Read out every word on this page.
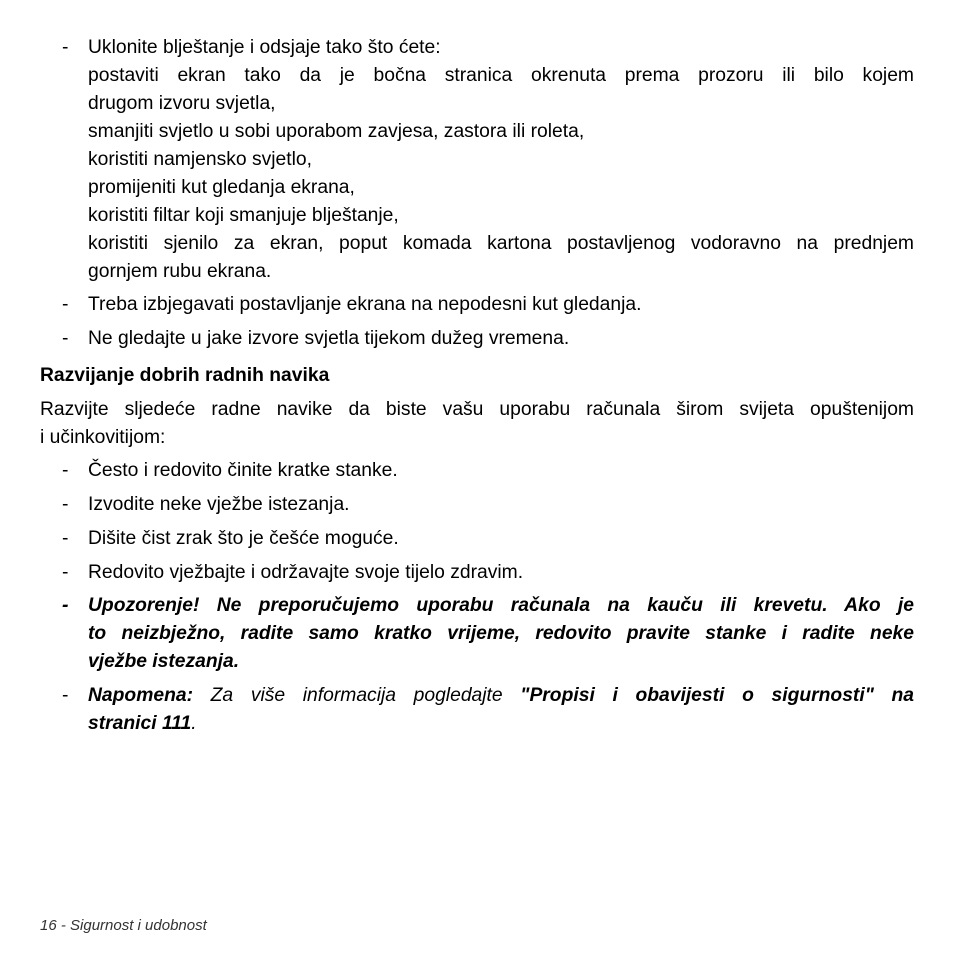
-	Uklonite blještanje i odsjaje tako što ćete:
postaviti ekran tako da je bočna stranica okrenuta prema prozoru ili bilo kojem
drugom izvoru svjetla,
smanjiti svjetlo u sobi uporabom zavjesa, zastora ili roleta,
koristiti namjensko svjetlo,
promijeniti kut gledanja ekrana,
koristiti filtar koji smanjuje blještanje,
koristiti sjenilo za ekran, poput komada kartona postavljenog vodoravno na prednjem
gornjem rubu ekrana.
-	Treba izbjegavati postavljanje ekrana na nepodesni kut gledanja.
-	Ne gledajte u jake izvore svjetla tijekom dužeg vremena.
Razvijanje dobrih radnih navika
Razvijte sljedeće radne navike da biste vašu uporabu računala širom svijeta opuštenijom
i učinkovitijom:
-	Često i redovito činite kratke stanke.
-	Izvodite neke vježbe istezanja.
-	Dišite čist zrak što je češće moguće.
-	Redovito vježbajte i održavajte svoje tijelo zdravim.
-	Upozorenje! Ne preporučujemo uporabu računala na kauču ili krevetu. Ako je
to neizbježno, radite samo kratko vrijeme, redovito pravite stanke i radite neke
vježbe istezanja.
-	Napomena: Za više informacija pogledajte "Propisi i obavijesti o sigurnosti" na
stranici 111.
16 - Sigurnost i udobnost
